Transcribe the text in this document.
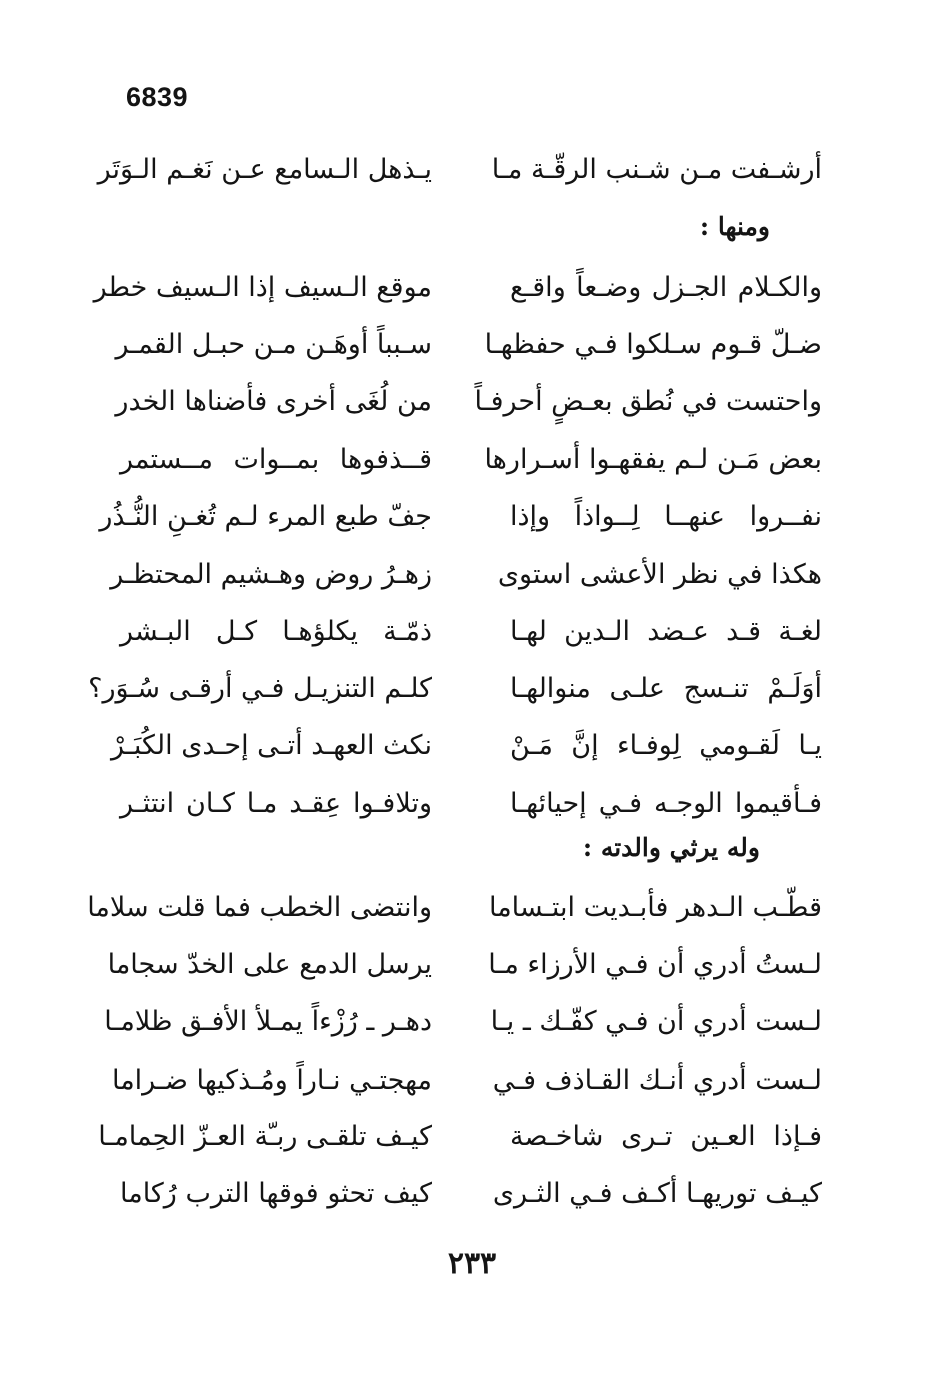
6839
أرشـفت مـن شـنب الرقّـة مـا
يـذهل الـسامع عـن نَغـم الـوَتَر
ومنها :
والكـلام الجـزل وضـعاً واقـع
موقع الـسيف إذا الـسيف خطر
ضـلّ قـوم سـلكوا فـي حفظهـا
سـبباً أوهَـن مـن حبـل القمـر
واحتست في نُطق بعـضٍ أحرفـاً
من لُغَى أخرى فأضناها الخدر
بعض مَـن لـم يفقهـوا أسـرارها
قــذفوها بمــوات مــستمر
نفــروا عنهــا لِــواذاً وإذا
جفّ طبع المرء لـم تُغـنِ النُّـذُر
هكذا في نظر الأعشى استوى
زهـرُ روض وهـشيم المحتظـر
لغـة قـد عـضد الـدين لهـا
ذمّـة يكلؤهـا كـل البـشر
أوَلَـمْ تنـسج علـى منوالهـا
كلـم التنزيـل فـي أرقـى سُـوَر؟
يـا لَقـومي لِوفـاء إنَّ مَـنْ
نكث العهـد أتـى إحـدى الكُبَـرْ
فـأقيموا الوجـه فـي إحيائهـا
وتلافـوا عِقـد مـا كـان انتثـر
وله يرثي والدته :
قطّـب الـدهر فأبـديت ابتـساما
وانتضى الخطب فما قلت سلاما
لـستُ أدري أن فـي الأرزاء مـا
يرسل الدمع على الخدّ سجاما
لـست أدري أن فـي كفّـك ـ يـا
دهـر ـ رُزْءاً يمـلأ الأفـق ظلامـا
لـست أدري أنـك القـاذف فـي
مهجتـي نـاراً ومُـذكيها ضـراما
فـإذا العـين تـرى شاخـصة
كيـف تلقـى ربـّة العـزّ الحِمامـا
كيـف توريهـا أكـف فـي الثـرى
كيف تحثو فوقها الترب رُكاما
٢٣٣
